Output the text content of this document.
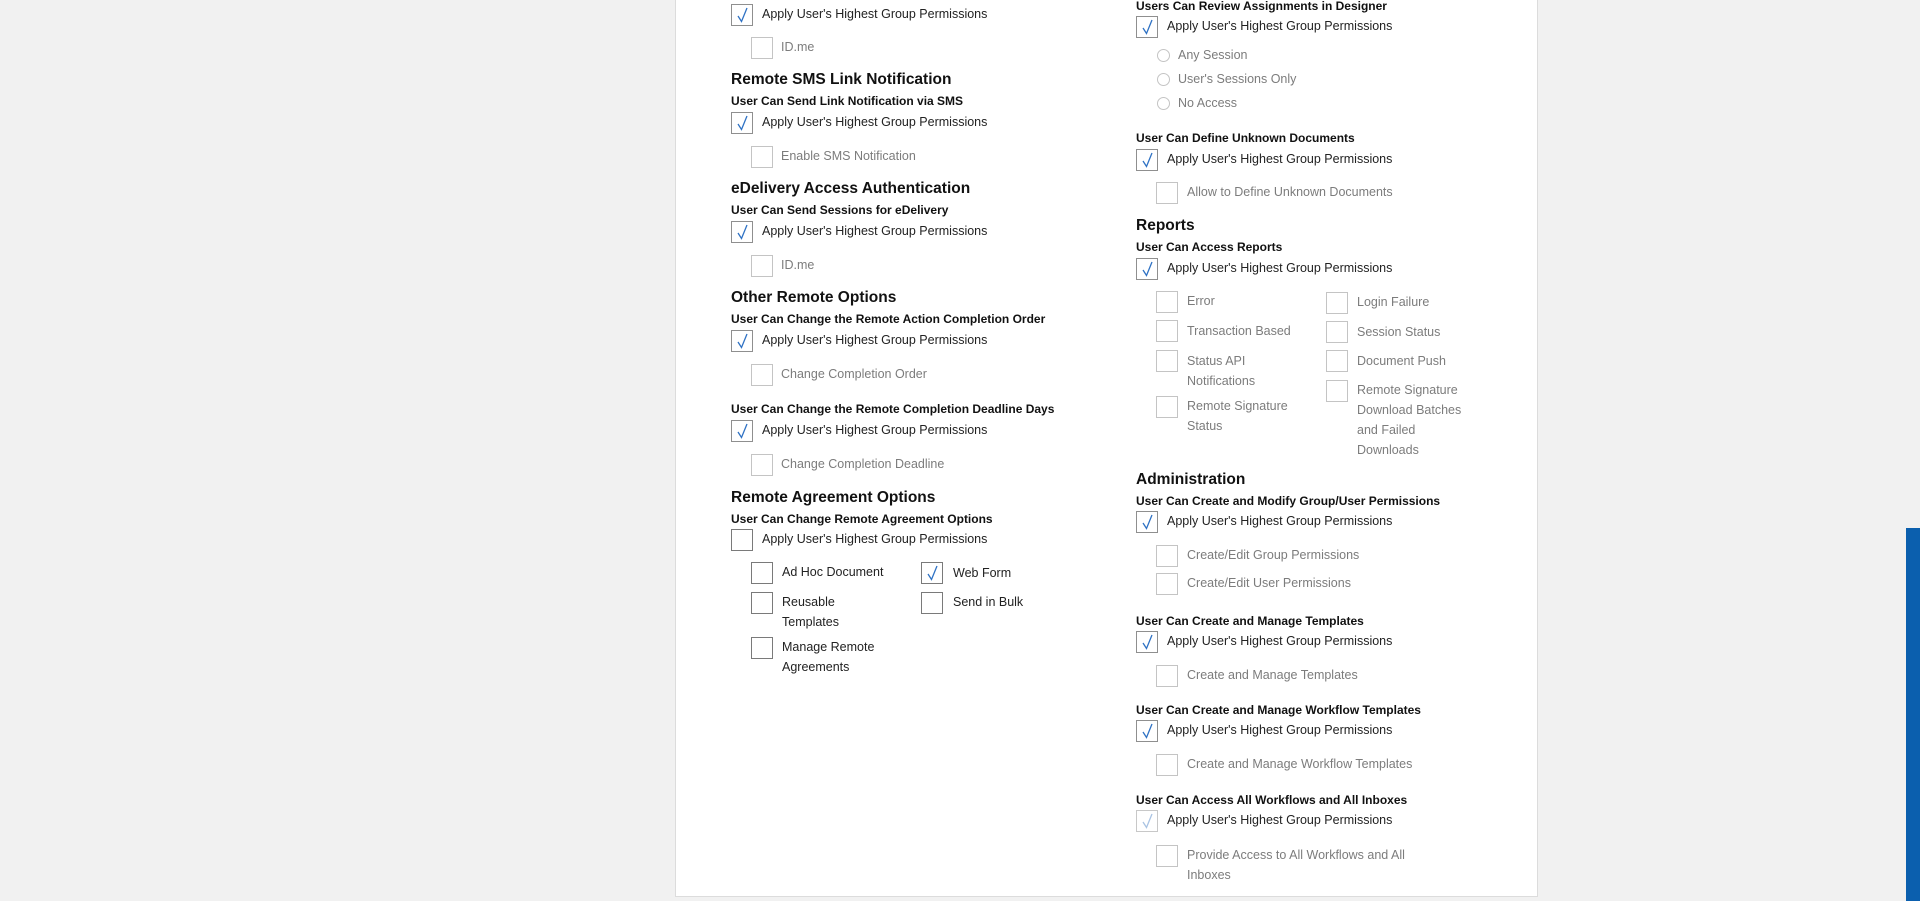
Apply User's Highest Group Permissions
ID.me
Remote SMS Link Notification
User Can Send Link Notification via SMS
Apply User's Highest Group Permissions
Enable SMS Notification
eDelivery Access Authentication
User Can Send Sessions for eDelivery
Apply User's Highest Group Permissions
ID.me
Other Remote Options
User Can Change the Remote Action Completion Order
Apply User's Highest Group Permissions
Change Completion Order
User Can Change the Remote Completion Deadline Days
Apply User's Highest Group Permissions
Change Completion Deadline
Remote Agreement Options
User Can Change Remote Agreement Options
Apply User's Highest Group Permissions
Ad Hoc Document
Reusable Templates
Manage Remote Agreements
Web Form
Send in Bulk
Users Can Review Assignments in Designer
Apply User's Highest Group Permissions
Any Session
User's Sessions Only
No Access
User Can Define Unknown Documents
Apply User's Highest Group Permissions
Allow to Define Unknown Documents
Reports
User Can Access Reports
Apply User's Highest Group Permissions
Error
Transaction Based
Status API Notifications
Remote Signature Status
Login Failure
Session Status
Document Push
Remote Signature Download Batches and Failed Downloads
Administration
User Can Create and Modify Group/User Permissions
Apply User's Highest Group Permissions
Create/Edit Group Permissions
Create/Edit User Permissions
User Can Create and Manage Templates
Apply User's Highest Group Permissions
Create and Manage Templates
User Can Create and Manage Workflow Templates
Apply User's Highest Group Permissions
Create and Manage Workflow Templates
User Can Access All Workflows and All Inboxes
Apply User's Highest Group Permissions
Provide Access to All Workflows and All Inboxes
